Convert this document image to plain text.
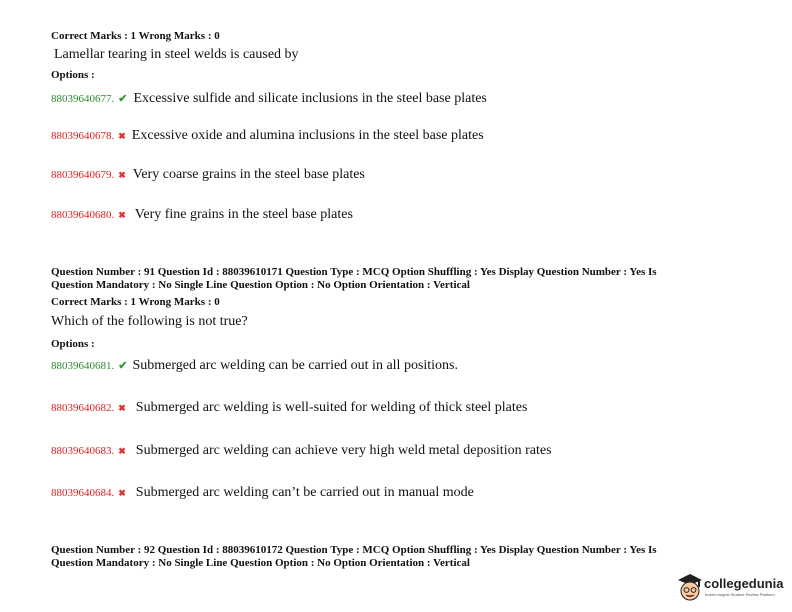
Correct Marks : 1 Wrong Marks : 0
Lamellar tearing in steel welds is caused by
Options :
88039640677. ✔ Excessive sulfide and silicate inclusions in the steel base plates
88039640678. ✖ Excessive oxide and alumina inclusions in the steel base plates
88039640679. ✖ Very coarse grains in the steel base plates
88039640680. ✖ Very fine grains in the steel base plates
Question Number : 91 Question Id : 88039610171 Question Type : MCQ Option Shuffling : Yes Display Question Number : Yes Is
Question Mandatory : No Single Line Question Option : No Option Orientation : Vertical
Correct Marks : 1 Wrong Marks : 0
Which of the following is not true?
Options :
88039640681. ✔ Submerged arc welding can be carried out in all positions.
88039640682. ✖ Submerged arc welding is well-suited for welding of thick steel plates
88039640683. ✖ Submerged arc welding can achieve very high weld metal deposition rates
88039640684. ✖ Submerged arc welding can’t be carried out in manual mode
Question Number : 92 Question Id : 88039610172 Question Type : MCQ Option Shuffling : Yes Display Question Number : Yes Is
Question Mandatory : No Single Line Question Option : No Option Orientation : Vertical
collegedunia
India's largest Student Review Platform
